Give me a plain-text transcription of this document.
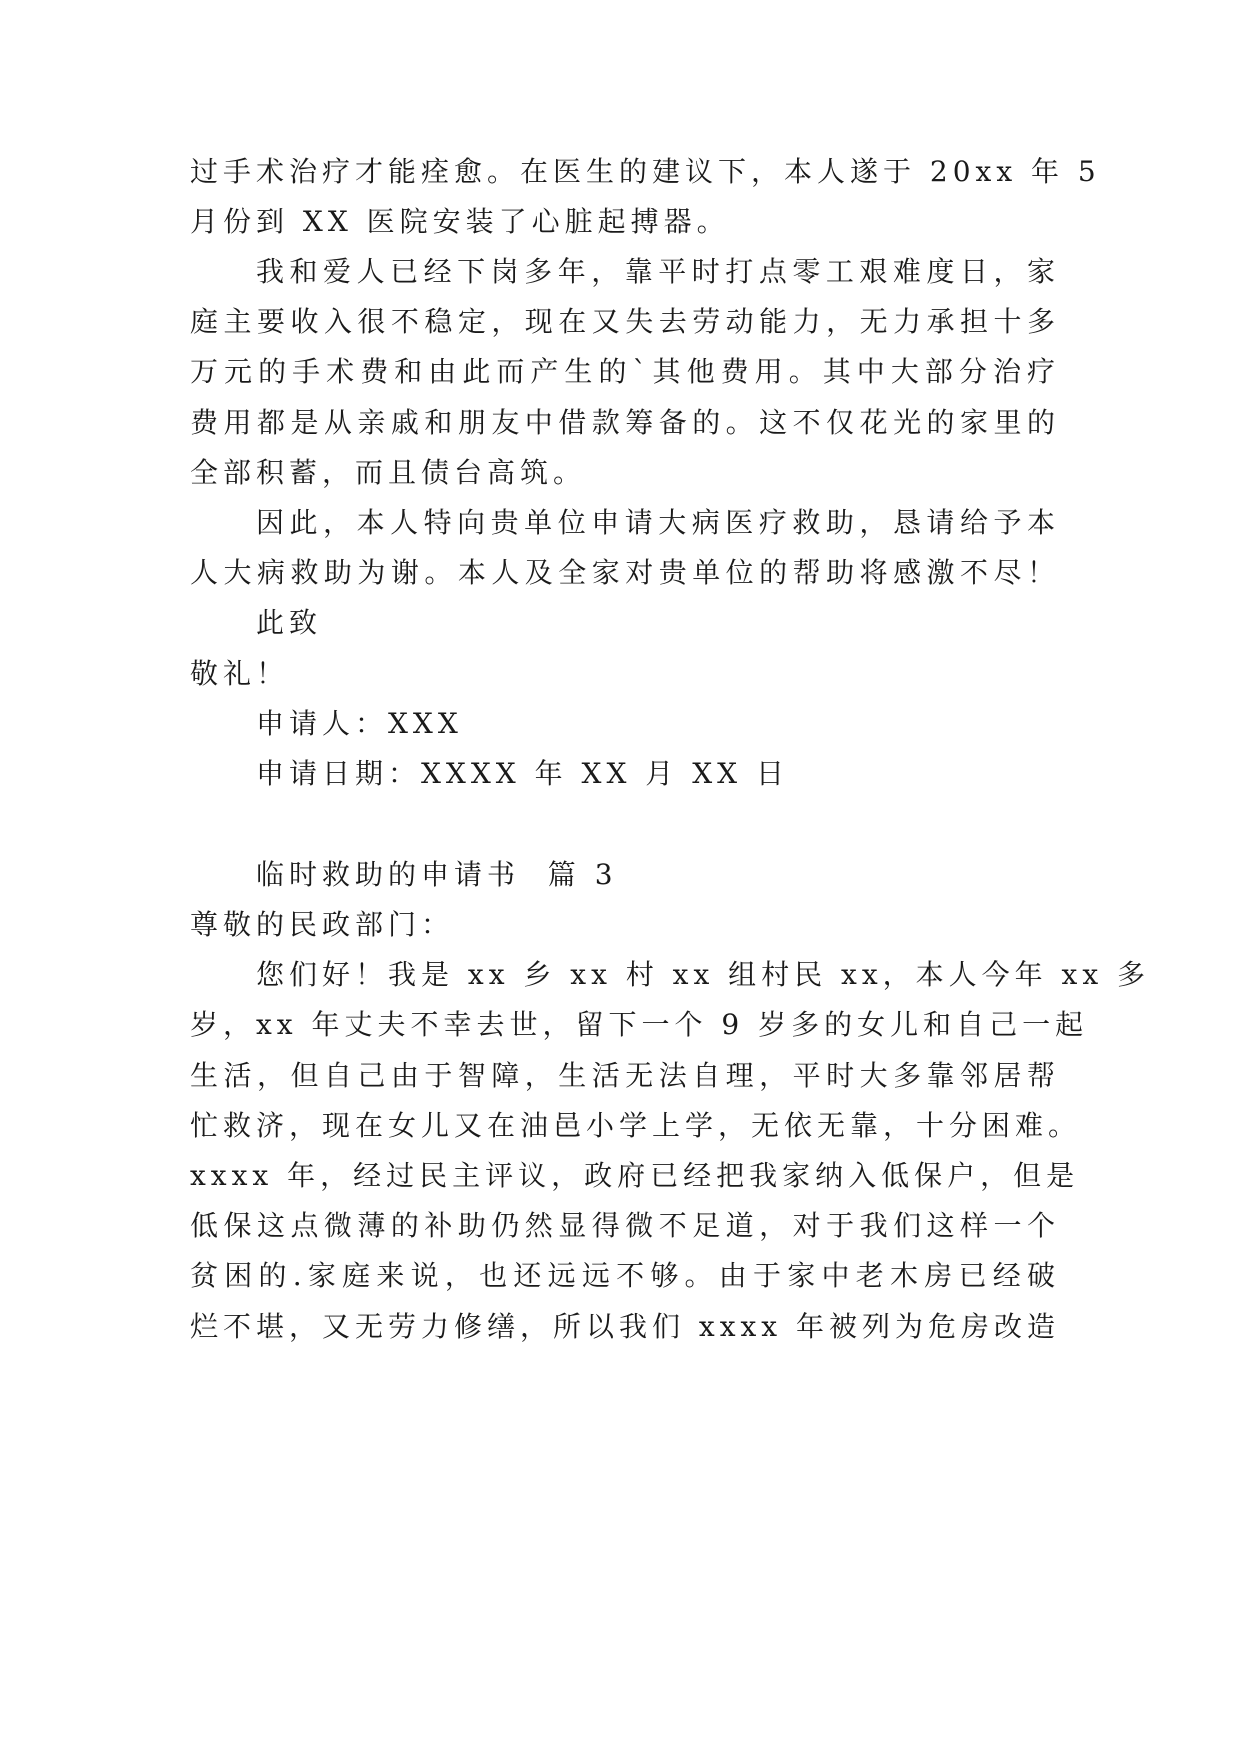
过手术治疗才能痊愈。在医生的建议下，本人遂于 20xx 年 5
月份到 XX 医院安装了心脏起搏器。
我和爱人已经下岗多年，靠平时打点零工艰难度日，家
庭主要收入很不稳定，现在又失去劳动能力，无力承担十多
万元的手术费和由此而产生的`其他费用。其中大部分治疗
费用都是从亲戚和朋友中借款筹备的。这不仅花光的家里的
全部积蓄，而且债台高筑。
因此，本人特向贵单位申请大病医疗救助，恳请给予本
人大病救助为谢。本人及全家对贵单位的帮助将感激不尽！
此致
敬礼！
申请人：XXX
申请日期：XXXX 年 XX 月 XX 日
临时救助的申请书  篇 3
尊敬的民政部门：
您们好！我是 xx 乡 xx 村 xx 组村民 xx，本人今年 xx 多
岁，xx 年丈夫不幸去世，留下一个 9 岁多的女儿和自己一起
生活，但自己由于智障，生活无法自理，平时大多靠邻居帮
忙救济，现在女儿又在油邑小学上学，无依无靠，十分困难。
xxxx 年，经过民主评议，政府已经把我家纳入低保户，但是
低保这点微薄的补助仍然显得微不足道，对于我们这样一个
贫困的.家庭来说，也还远远不够。由于家中老木房已经破
烂不堪，又无劳力修缮，所以我们 xxxx 年被列为危房改造
